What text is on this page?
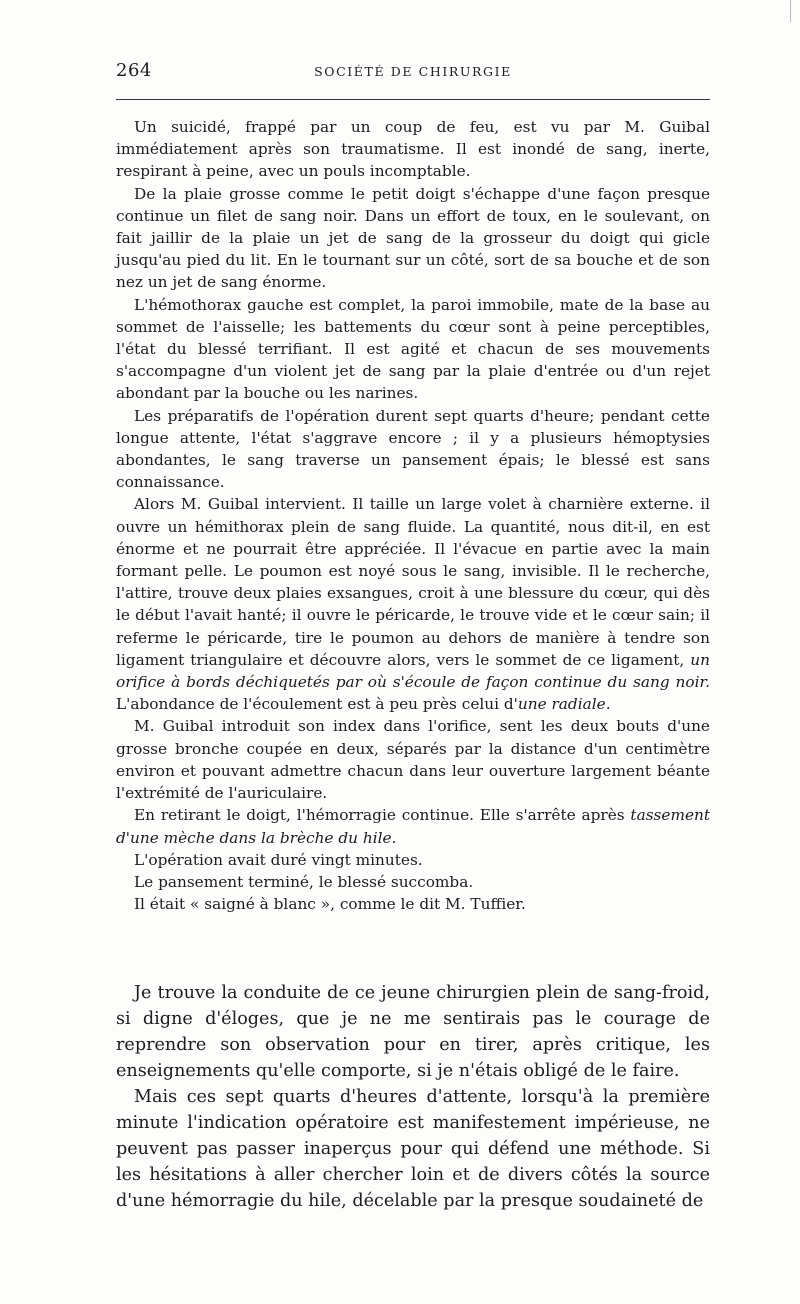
264	SOCIÉTÉ DE CHIRURGIE

Un suicidé, frappé par un coup de feu, est vu par M. Guibal immédiatement après son traumatisme. Il est inondé de sang, inerte, respirant à peine, avec un pouls incomptable.

De la plaie grosse comme le petit doigt s'échappe d'une façon presque continue un filet de sang noir. Dans un effort de toux, en le soulevant, on fait jaillir de la plaie un jet de sang de la grosseur du doigt qui gicle jusqu'au pied du lit. En le tournant sur un côté, sort de sa bouche et de son nez un jet de sang énorme.

L'hémothorax gauche est complet, la paroi immobile, mate de la base au sommet de l'aisselle; les battements du cœur sont à peine perceptibles, l'état du blessé terrifiant. Il est agité et chacun de ses mouvements s'accompagne d'un violent jet de sang par la plaie d'entrée ou d'un rejet abondant par la bouche ou les narines.

Les préparatifs de l'opération durent sept quarts d'heure; pendant cette longue attente, l'état s'aggrave encore ; il y a plusieurs hémoptysies abondantes, le sang traverse un pansement épais; le blessé est sans connaissance.

Alors M. Guibal intervient. Il taille un large volet à charnière externe. il ouvre un hémithorax plein de sang fluide. La quantité, nous dit-il, en est énorme et ne pourrait être appréciée. Il l'évacue en partie avec la main formant pelle. Le poumon est noyé sous le sang, invisible. Il le recherche, l'attire, trouve deux plaies exsangues, croit à une blessure du cœur, qui dès le début l'avait hanté; il ouvre le péricarde, le trouve vide et le cœur sain; il referme le péricarde, tire le poumon au dehors de manière à tendre son ligament triangulaire et découvre alors, vers le sommet de ce ligament, un orifice à bords déchiquetés par où s'écoule de façon continue du sang noir. L'abondance de l'écoulement est à peu près celui d'une radiale.

M. Guibal introduit son index dans l'orifice, sent les deux bouts d'une grosse bronche coupée en deux, séparés par la distance d'un centimètre environ et pouvant admettre chacun dans leur ouverture largement béante l'extrémité de l'auriculaire.

En retirant le doigt, l'hémorragie continue. Elle s'arrête après tassement d'une mèche dans la brèche du hile.

L'opération avait duré vingt minutes.

Le pansement terminé, le blessé succomba.

Il était « saigné à blanc », comme le dit M. Tuffier.

Je trouve la conduite de ce jeune chirurgien plein de sang-froid, si digne d'éloges, que je ne me sentirais pas le courage de reprendre son observation pour en tirer, après critique, les enseignements qu'elle comporte, si je n'étais obligé de le faire.

Mais ces sept quarts d'heures d'attente, lorsqu'à la première minute l'indication opératoire est manifestement impérieuse, ne peuvent pas passer inaperçus pour qui défend une méthode. Si les hésitations à aller chercher loin et de divers côtés la source d'une hémorragie du hile, décelable par la presque soudaineté de
